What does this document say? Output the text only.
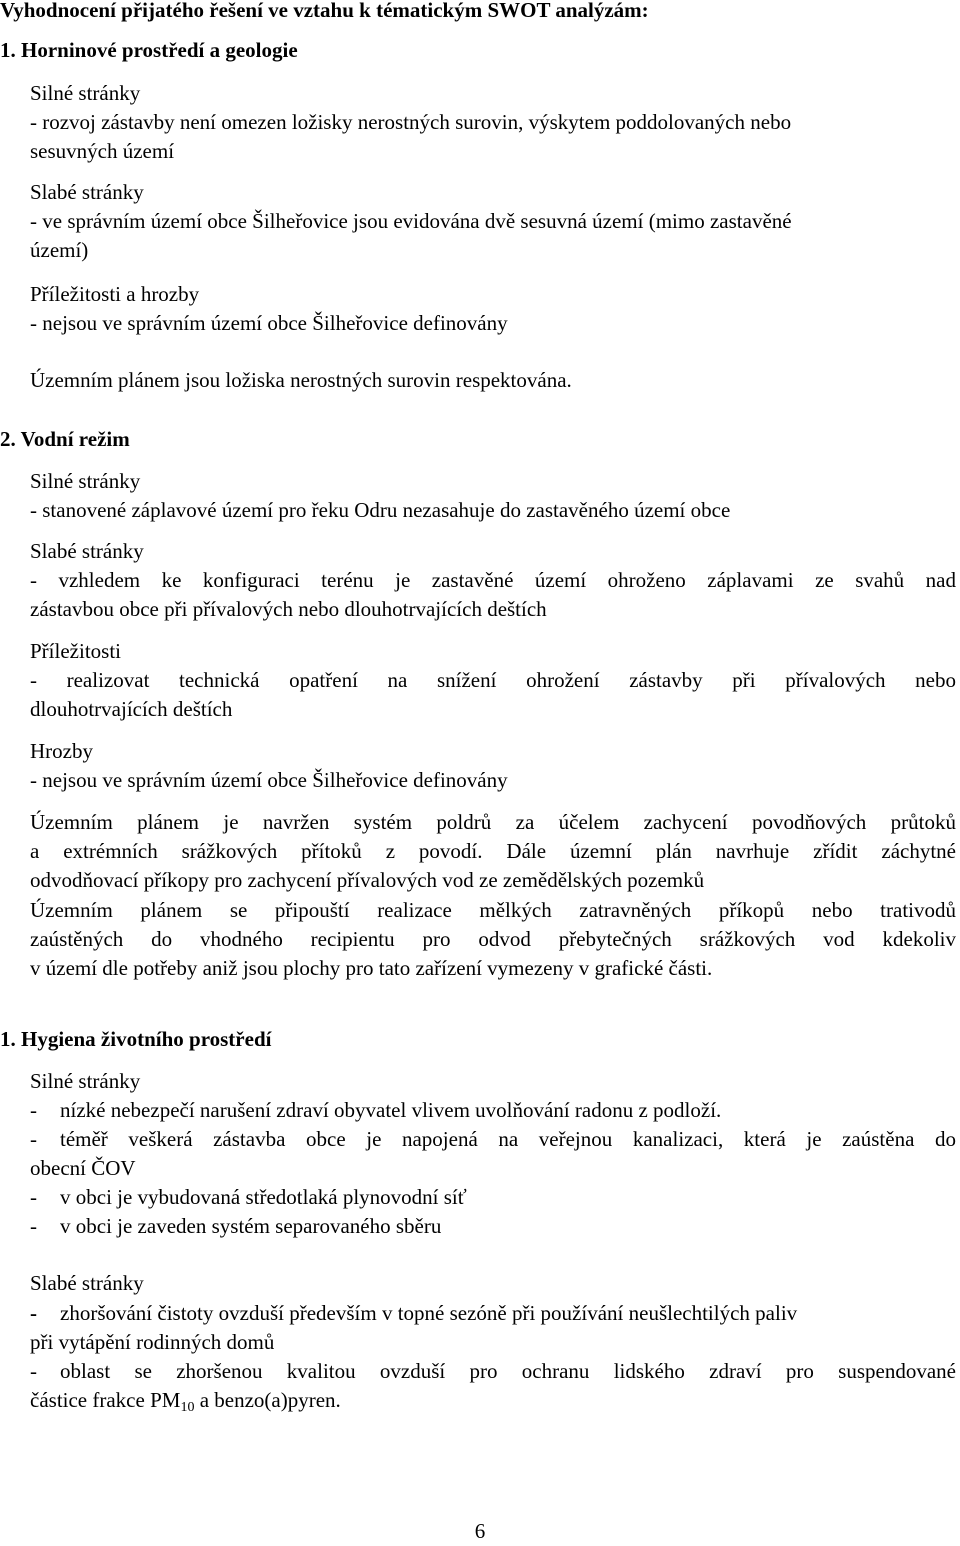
Vyhodnocení přijatého řešení ve vztahu k tématickým SWOT analýzám:

1. Horninové prostředí a geologie

Silné stránky

- rozvoj zástavby není omezen ložisky nerostných surovin, výskytem poddolovaných nebo

sesuvných území

Slabé stránky

- ve správním území obce Šilheřovice jsou evidována dvě sesuvná území (mimo zastavěné

území)

Příležitosti a hrozby

- nejsou ve správním území obce Šilheřovice definovány

Územním plánem jsou ložiska nerostných surovin respektována.

2. Vodní režim

Silné stránky

- stanovené záplavové území pro řeku Odru nezasahuje do zastavěného území obce

Slabé stránky

- vzhledem ke konfiguraci terénu je zastavěné území ohroženo záplavami ze svahů nad

zástavbou obce při přívalových nebo dlouhotrvajících deštích

Příležitosti

- realizovat technická opatření na snížení ohrožení zástavby při přívalových nebo

dlouhotrvajících deštích

Hrozby

- nejsou ve správním území obce Šilheřovice definovány

Územním plánem je navržen systém poldrů za účelem zachycení povodňových průtoků

a extrémních srážkových přítoků z povodí. Dále územní plán navrhuje zřídit záchytné

odvodňovací příkopy pro zachycení přívalových vod ze zemědělských pozemků

Územním plánem se připouští realizace mělkých zatravněných příkopů nebo trativodů

zaústěných do vhodného recipientu pro odvod přebytečných srážkových vod kdekoliv

v území dle potřeby aniž jsou plochy pro tato zařízení vymezeny v grafické části.

1. Hygiena životního prostředí

Silné stránky

- nízké nebezpečí narušení zdraví obyvatel vlivem uvolňování radonu z podloží.

-	téměř veškerá zástavba obce je napojená na veřejnou kanalizaci, která je zaústěna do

obecní ČOV

- v obci je vybudovaná středotlaká plynovodní síť

- v obci je zaveden systém separovaného sběru

Slabé stránky

- zhoršování čistoty ovzduší především v topné sezóně při používání neušlechtilých paliv

při vytápění rodinných domů

-	oblast se zhoršenou kvalitou ovzduší pro ochranu lidského zdraví pro suspendované

částice frakce $PM_{10}$ a benzo(a)pyren.

6
